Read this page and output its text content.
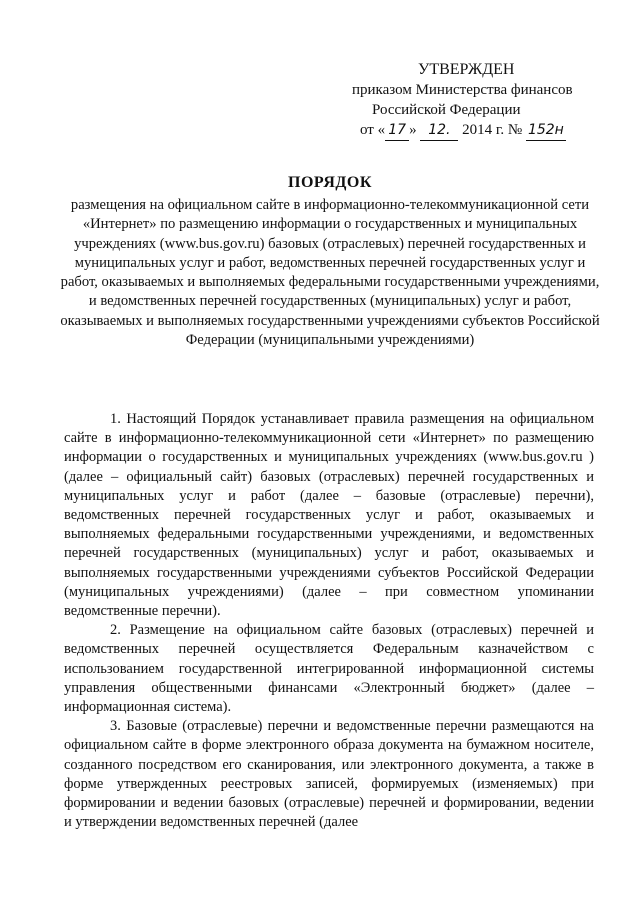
УТВЕРЖДЕН
приказом Министерства финансов
Российской Федерации
от « 17 » 12. 2014 г. № 152н
ПОРЯДОК
размещения на официальном сайте в информационно-телекоммуникационной сети «Интернет» по размещению информации о государственных и муниципальных учреждениях (www.bus.gov.ru) базовых (отраслевых) перечней государственных и муниципальных услуг и работ, ведомственных перечней государственных услуг и работ, оказываемых и выполняемых федеральными государственными учреждениями, и ведомственных перечней государственных (муниципальных) услуг и работ, оказываемых и выполняемых государственными учреждениями субъектов Российской Федерации (муниципальными учреждениями)

1. Настоящий Порядок устанавливает правила размещения на официальном сайте в информационно-телекоммуникационной сети «Интернет» по размещению информации о государственных и муниципальных учреждениях (www.bus.gov.ru ) (далее – официальный сайт) базовых (отраслевых) перечней государственных и муниципальных услуг и работ (далее – базовые (отраслевые) перечни), ведомственных перечней государственных услуг и работ, оказываемых и выполняемых федеральными государственными учреждениями, и ведомственных перечней государственных (муниципальных) услуг и работ, оказываемых и выполняемых государственными учреждениями субъектов Российской Федерации (муниципальных учреждениями) (далее – при совместном упоминании ведомственные перечни).

2. Размещение на официальном сайте базовых (отраслевых) перечней и ведомственных перечней осуществляется Федеральным казначейством с использованием государственной интегрированной информационной системы управления общественными финансами «Электронный бюджет» (далее – информационная система).

3. Базовые (отраслевые) перечни и ведомственные перечни размещаются на официальном сайте в форме электронного образа документа на бумажном носителе, созданного посредством его сканирования, или электронного документа, а также в форме утвержденных реестровых записей, формируемых (изменяемых) при формировании и ведении базовых (отраслевые) перечней и формировании, ведении и утверждении ведомственных перечней (далее
